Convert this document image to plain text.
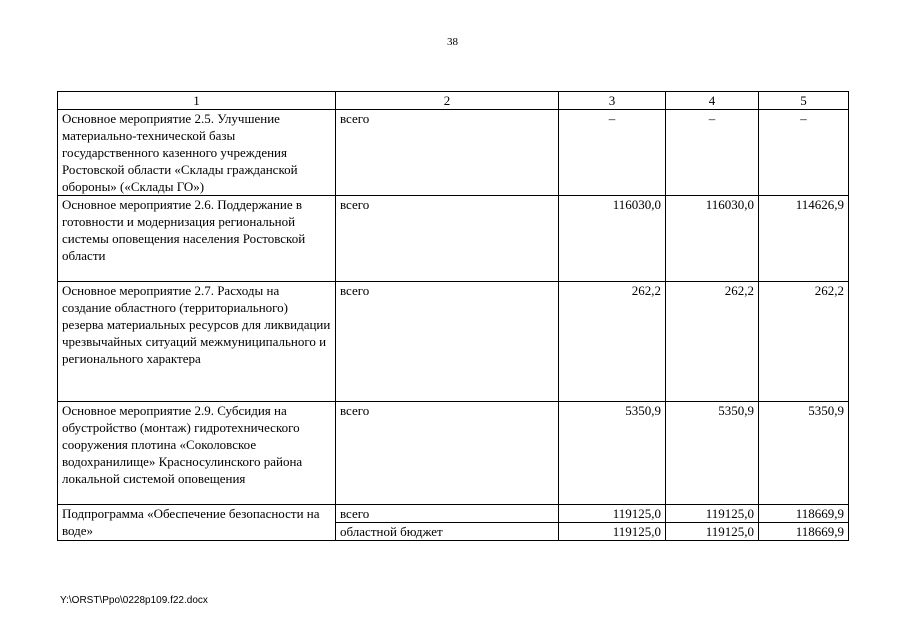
38
1	2	3	4	5
Основное мероприятие 2.5. Улучшение материально-технической базы государственного казенного учреждения Ростовской области «Склады гражданской обороны» («Склады ГО»)	всего	–	–	–
Основное мероприятие 2.6. Поддержание в готовности и модернизация региональной системы оповещения населения Ростовской области	всего	116030,0	116030,0	114626,9
Основное мероприятие 2.7. Расходы на создание областного (территориального) резерва материальных ресурсов для ликвидации чрезвычайных ситуаций межмуниципального и регионального характера	всего	262,2	262,2	262,2
Основное мероприятие 2.9. Субсидия на обустройство (монтаж) гидротехнического сооружения плотина «Соколовское водохранилище» Красносулинского района локальной системой оповещения	всего	5350,9	5350,9	5350,9
Подпрограмма «Обеспечение безопасности на воде»	всего	119125,0	119125,0	118669,9
	областной бюджет	119125,0	119125,0	118669,9
Y:\ORST\Ppo\0228p109.f22.docx
